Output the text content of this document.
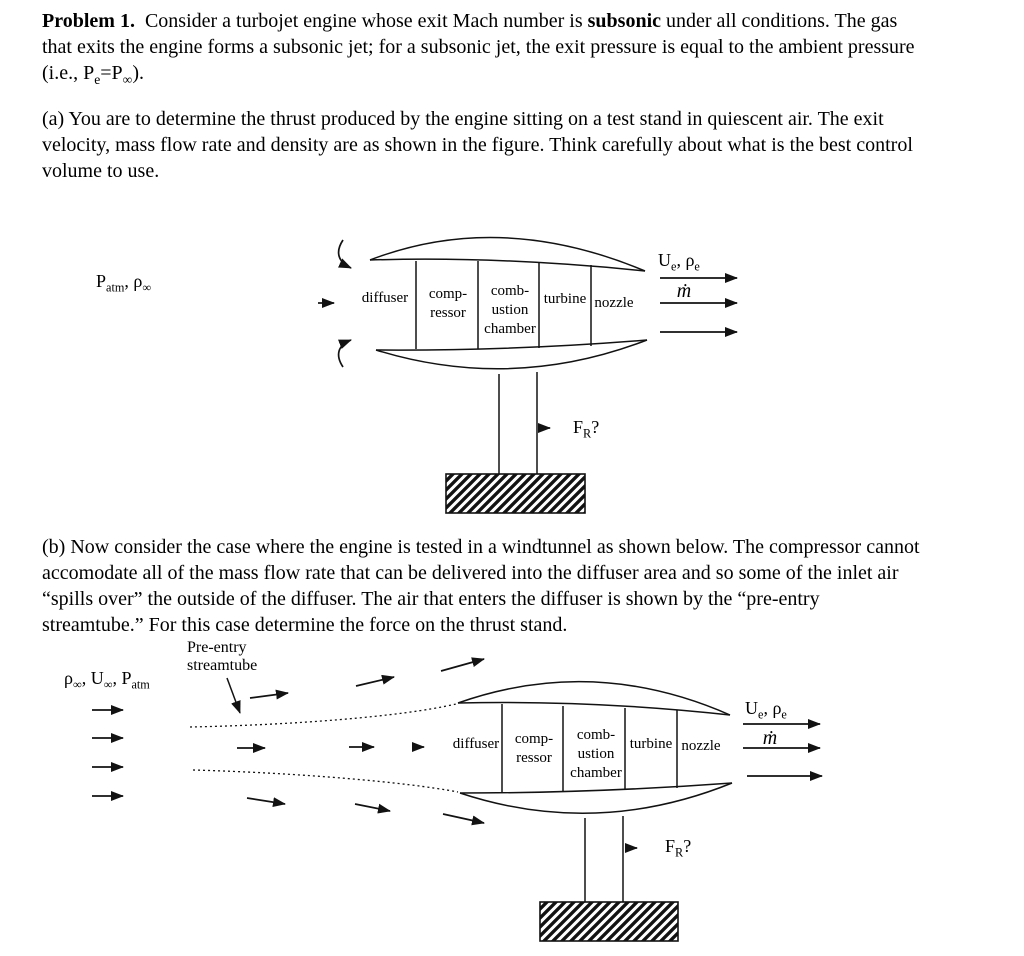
Problem 1.  Consider a turbojet engine whose exit Mach number is subsonic under all conditions. The gas
that exits the engine forms a subsonic jet; for a subsonic jet, the exit pressure is equal to the ambient pressure
(i.e., $P_e=P_\infty$).
(a) You are to determine the thrust produced by the engine sitting on a test stand in quiescent air. The exit
velocity, mass flow rate and density are as shown in the figure. Think carefully about what is the best control
volume to use.
(b) Now consider the case where the engine is tested in a windtunnel as shown below. The compressor cannot
accomodate all of the mass flow rate that can be delivered into the diffuser area and so some of the inlet air
“spills over” the outside of the diffuser. The air that enters the diffuser is shown by the “pre-entry
streamtube.” For this case determine the force on the thrust stand.
$P_{atm}$, $\rho_\infty$
diffuser	comp-
ressor
comb-
ustion
chamber
turbine nozzle
$U_e$, $\rho_e$
ṁ
$F_R$?
Pre-entry
streamtube
$\rho_\infty$, $U_\infty$, $P_{atm}$
diffuser	comp-
ressor
comb-
ustion
chamber
turbine nozzle
$U_e$, $\rho_e$
ṁ
$F_R$?
